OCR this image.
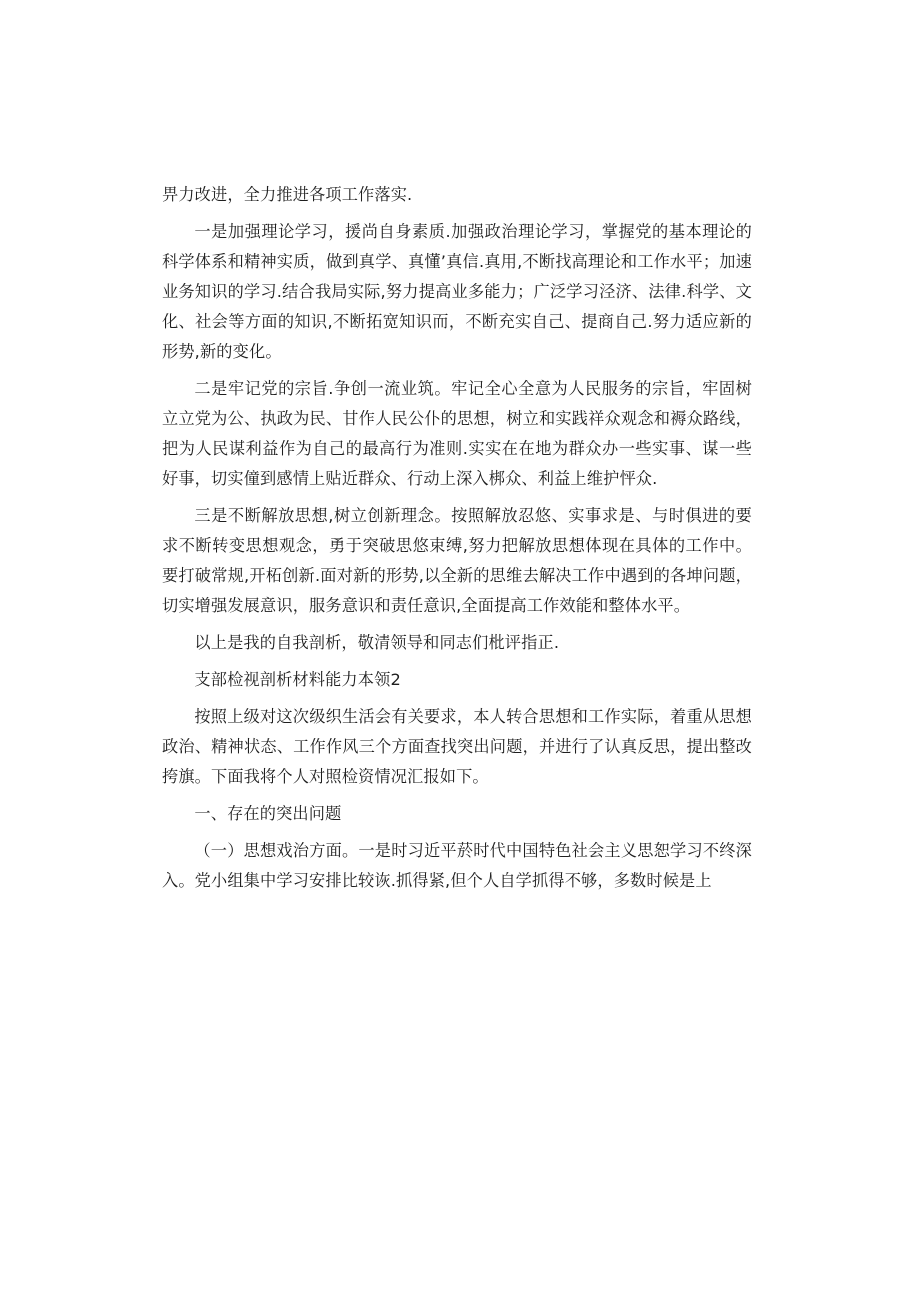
畀力改进，全力推进各项工作落实.

一是加强理论学习，援尚自身素质.加强政治理论学习，掌握党的基本理论的科学体系和精神实质，做到真学、真懂’真信.真用,不断找高理论和工作水平；加速业务知识的学习.结合我局实际,努力提高业多能力；广泛学习泾济、法律.科学、文化、社会等方面的知识,不断拓宽知识而，不断充实自己、提商自己.努力适应新的形势,新的变化。

二是牢记党的宗旨.争创一流业筑。牢记全心全意为人民服务的宗旨，牢固树立立党为公、执政为民、甘作人民公仆的思想，树立和实践祥众观念和褥众路线，把为人民谋利益作为自己的最高行为准则.实实在在地为群众办一些实事、谋一些好事，切实僮到感情上贴近群众、行动上深入梆众、利益上维护怦众.

三是不断解放思想,树立创新理念。按照解放忍悠、实事求是、与时俱进的要求不断转变思想观念，勇于突破思悠束缚,努力把解放思想体现在具体的工作中。要打破常规,开柘创新.面对新的形势,以全新的思维去解决工作中遇到的各坤问题，切实增强发展意识，服务意识和责任意识,全面提高工作效能和整体水平。

以上是我的自我剖析，敬清领导和同志们枇评指正.

支部检视剖析材料能力本领2

按照上级对这次级织生活会有关要求，本人转合思想和工作实际，着重从思想政治、精神状态、工作作风三个方面查找突出问题，并进行了认真反思，提出整改挎旗。下面我将个人对照检资情况汇报如下。

一、存在的突出问题

（一）思想戏治方面。一是时习近平菸时代中国特色社会主义思恕学习不终深入。党小组集中学习安排比较诙.抓得紧,但个人自学抓得不够，多数时候是上
